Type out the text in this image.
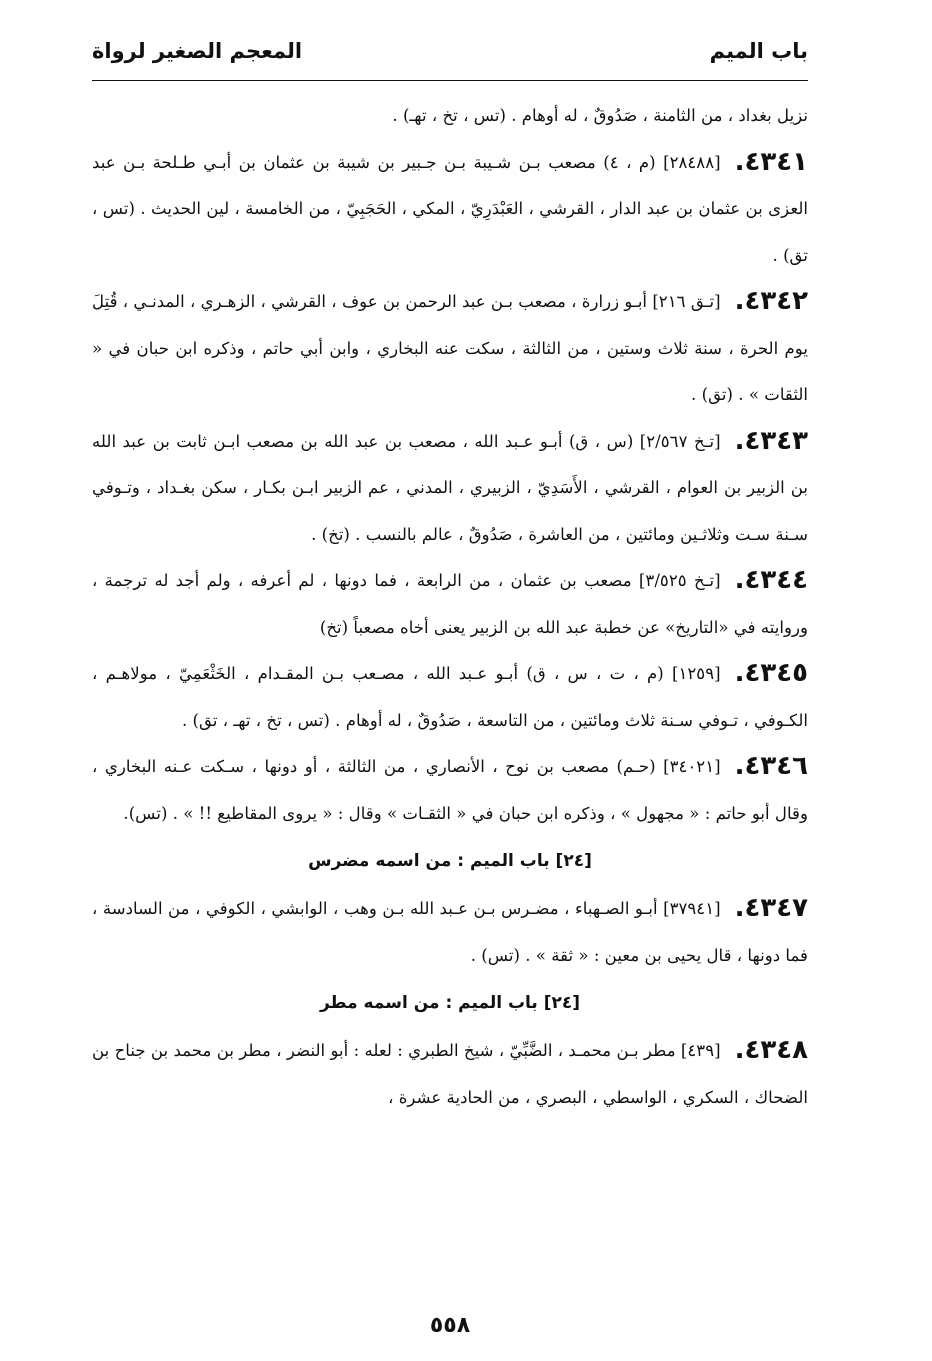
باب الميم
المعجم الصغير لرواة

نزيل بغداد ، من الثامنة ، صَدُوقٌ ، له أوهام . (تس ، تخ ، تهـ) .

٤٣٤١.[٢٨٤٨٨] (م ، ٤) مصعب بـن شـيبة بـن جـبير بن شيبة بن عثمان بن أبـي طـلحة بـن عبد العزى بن عثمان بن عبد الدار ، القرشي ، العَبْدَرِيّ ، المكي ، الحَجَبِيّ ، من الخامسة ، لين الحديث . (تس ، تق) .

٤٣٤٢.[تـق ٢١٦] أبـو زرارة ، مصعب بـن عبد الرحمن بن عوف ، القرشي ، الزهـري ، المدنـي ، قُتِلَ يوم الحرة ، سنة ثلاث وستين ، من الثالثة ، سكت عنه البخاري ، وابن أبي حاتم ، وذكره ابن حبان في « الثقات » . (تق) .

٤٣٤٣.[تـخ ٢/٥٦٧] (س ، ق) أبـو عـبد الله ، مصعب بن عبد الله بن مصعب ابـن ثابت بن عبد الله بن الزبير بن العوام ، القرشي ، الأَسَدِيّ ، الزبيري ، المدني ، عم الزبير ابـن بكـار ، سكن بغـداد ، وتـوفي سـنة سـت وثلاثـين ومائتين ، من العاشرة ، صَدُوقٌ ، عالم بالنسب . (تخ) .

٤٣٤٤.[تـخ ٣/٥٢٥] مصعب بن عثمان ، من الرابعة ، فما دونها ، لم أعرفه ، ولم أجد له ترجمة ، وروايته في «التاريخ» عن خطبة عبد الله بن الزبير يعنى أخاه مصعباً (تخ)

٤٣٤٥.[١٢٥٩] (م ، ت ، س ، ق) أبـو عـبد الله ، مصـعب بـن المقـدام ، الخَثْعَمِيّ ، مولاهـم ، الكـوفي ، تـوفي سـنة ثلاث ومائتين ، من التاسعة ، صَدُوقٌ ، له أوهام . (تس ، تخ ، تهـ ، تق) .

٤٣٤٦.[٣٤٠٢١] (حـم) مصعب بن نوح ، الأنصاري ، من الثالثة ، أو دونها ، سـكت عـنه البخاري ، وقال أبو حاتم : « مجهول » ، وذكره ابن حبان في « الثقـات » وقال : « يروى المقاطيع !! » . (تس).

[٢٤] باب الميم : من اسمه مضرس

٤٣٤٧.[٣٧٩٤١] أبـو الصـهباء ، مضـرس بـن عـبد الله بـن وهب ، الوابشي ، الكوفي ، من السادسة ، فما دونها ، قال يحيى بن معين : « ثقة » . (تس) .

[٢٤] باب الميم : من اسمه مطر

٤٣٤٨.[٤٣٩] مطر بـن محمـد ، الضَّبِّيّ ، شيخ الطبري : لعله : أبو النضر ، مطر بن محمد بن جناح بن الضحاك ، السكري ، الواسطي ، البصري ، من الحادية عشرة ،

٥٥٨
